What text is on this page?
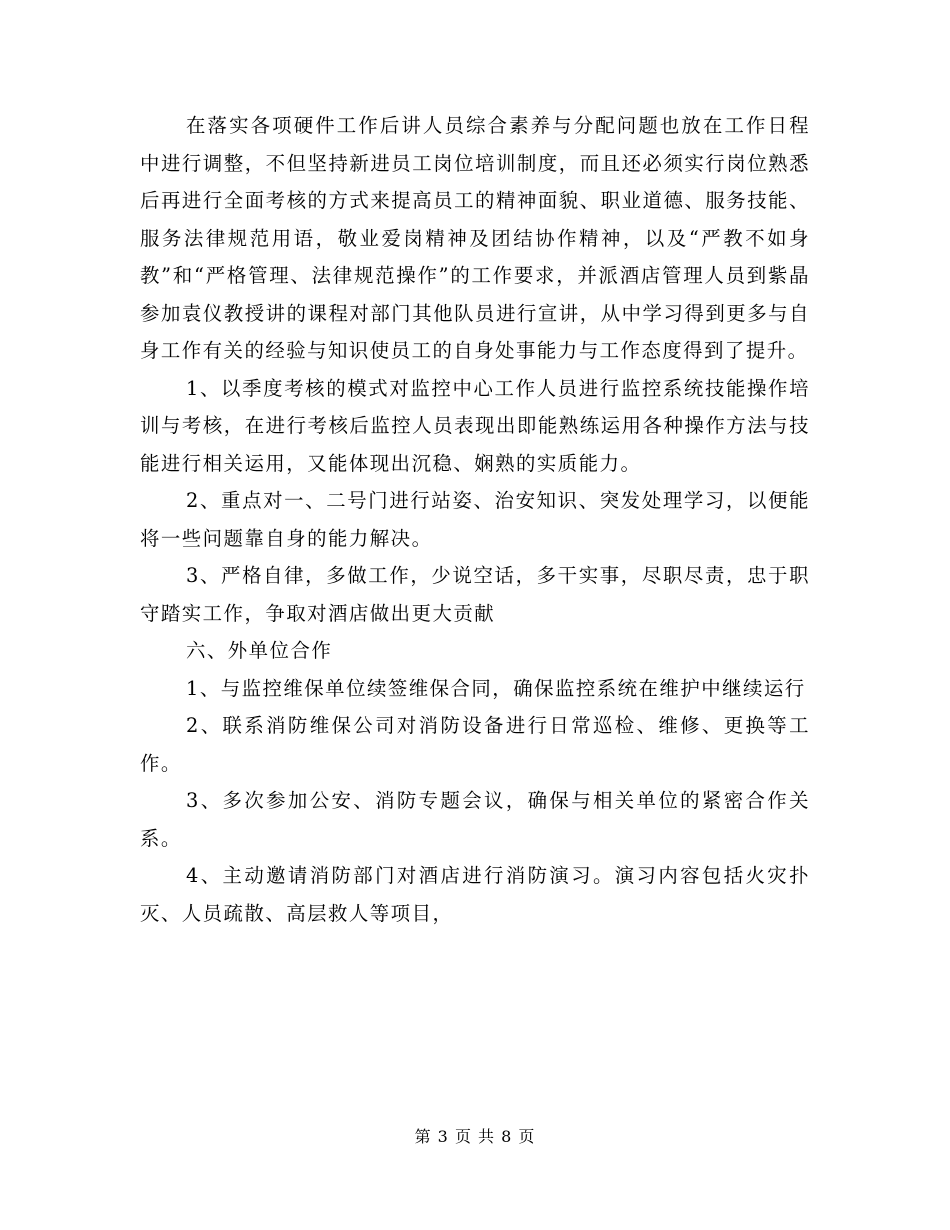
在落实各项硬件工作后讲人员综合素养与分配问题也放在工作日程中进行调整，不但坚持新进员工岗位培训制度，而且还必须实行岗位熟悉后再进行全面考核的方式来提高员工的精神面貌、职业道德、服务技能、服务法律规范用语，敬业爱岗精神及团结协作精神，以及“严教不如身教”和“严格管理、法律规范操作”的工作要求，并派酒店管理人员到紫晶参加袁仪教授讲的课程对部门其他队员进行宣讲，从中学习得到更多与自身工作有关的经验与知识使员工的自身处事能力与工作态度得到了提升。

1、以季度考核的模式对监控中心工作人员进行监控系统技能操作培训与考核，在进行考核后监控人员表现出即能熟练运用各种操作方法与技能进行相关运用，又能体现出沉稳、娴熟的实质能力。

2、重点对一、二号门进行站姿、治安知识、突发处理学习，以便能将一些问题靠自身的能力解决。

3、严格自律，多做工作，少说空话，多干实事，尽职尽责，忠于职守踏实工作，争取对酒店做出更大贡献

六、外单位合作

1、与监控维保单位续签维保合同，确保监控系统在维护中继续运行

2、联系消防维保公司对消防设备进行日常巡检、维修、更换等工作。

3、多次参加公安、消防专题会议，确保与相关单位的紧密合作关系。

4、主动邀请消防部门对酒店进行消防演习。演习内容包括火灾扑灭、人员疏散、高层救人等项目，

第 3 页 共 8 页
